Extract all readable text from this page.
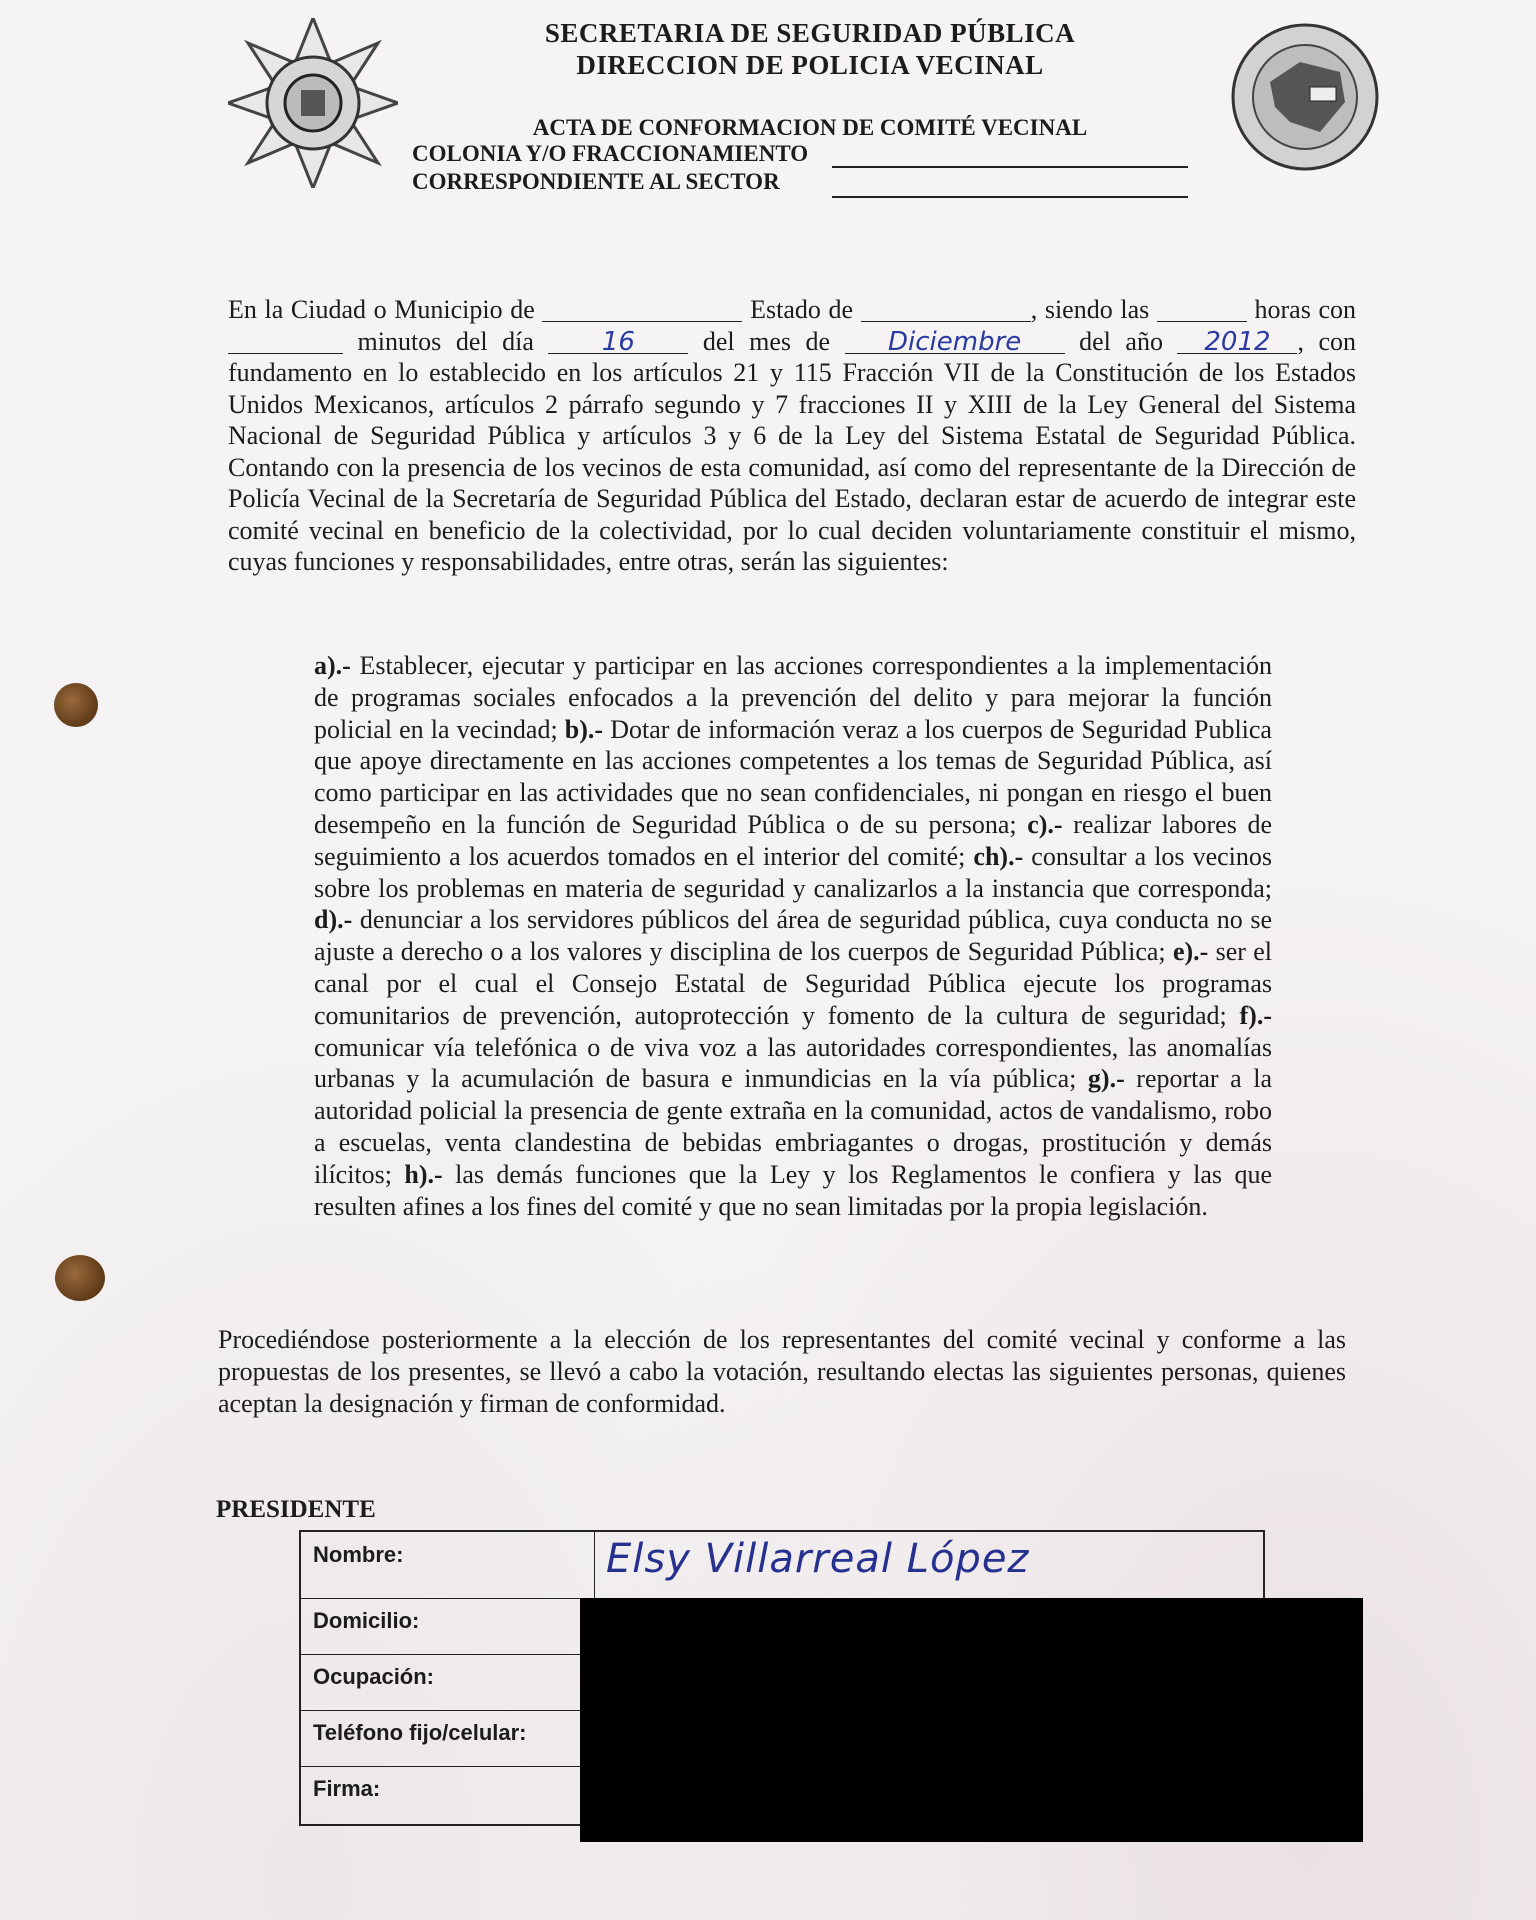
SECRETARIA DE SEGURIDAD PÚBLICA
DIRECCION DE POLICIA VECINAL
ACTA DE CONFORMACION DE COMITÉ VECINAL
COLONIA Y/O FRACCIONAMIENTO
CORRESPONDIENTE AL SECTOR
En la Ciudad o Municipio de	Estado de	, siendo las	horas con   minutos del día	16	del mes de Diciembre del año 2012 , con fundamento en lo establecido en los artículos 21 y 115 Fracción VII de la Constitución de los Estados Unidos Mexicanos, artículos 2 párrafo segundo y 7 fracciones II y XIII de la Ley General del Sistema Nacional de Seguridad Pública y artículos 3 y 6 de la Ley del Sistema Estatal de Seguridad Pública. Contando con la presencia de los vecinos de esta comunidad, así como del representante de la Dirección de Policía Vecinal de la Secretaría de Seguridad Pública del Estado, declaran estar de acuerdo de integrar este comité vecinal en beneficio de la colectividad, por lo cual deciden voluntariamente constituir el mismo, cuyas funciones y responsabilidades, entre otras, serán las siguientes:
a).- Establecer, ejecutar y participar en las acciones correspondientes a la implementación de programas sociales enfocados a la prevención del delito y para mejorar la función policial en la vecindad; b).- Dotar de información veraz a los cuerpos de Seguridad Publica que apoye directamente en las acciones competentes a los temas de Seguridad Pública, así como participar en las actividades que no sean confidenciales, ni pongan en riesgo el buen desempeño en la función de Seguridad Pública o de su persona; c).- realizar labores de seguimiento a los acuerdos tomados en el interior del comité; ch).- consultar a los vecinos sobre los problemas en materia de seguridad y canalizarlos a la instancia que corresponda; d).- denunciar a los servidores públicos del área de seguridad pública, cuya conducta no se ajuste a derecho o a los valores y disciplina de los cuerpos de Seguridad Pública; e).- ser el canal por el cual el Consejo Estatal de Seguridad Pública ejecute los programas comunitarios de prevención, autoprotección y fomento de la cultura de seguridad; f).- comunicar vía telefónica o de viva voz a las autoridades correspondientes, las anomalías urbanas y la acumulación de basura e inmundicias en la vía pública; g).- reportar a la autoridad policial la presencia de gente extraña en la comunidad, actos de vandalismo, robo a escuelas, venta clandestina de bebidas embriagantes o drogas, prostitución y demás ilícitos; h).- las demás funciones que la Ley y los Reglamentos le confiera y las que resulten afines a los fines del comité y que no sean limitadas por la propia legislación.
Procediéndose posteriormente a la elección de los representantes del comité vecinal y conforme a las propuestas de los presentes, se llevó a cabo la votación, resultando electas las siguientes personas, quienes aceptan la designación y firman de conformidad.
PRESIDENTE
Nombre:	Elsy Villarreal López
Domicilio:
Ocupación:
Teléfono fijo/celular:
Firma:
